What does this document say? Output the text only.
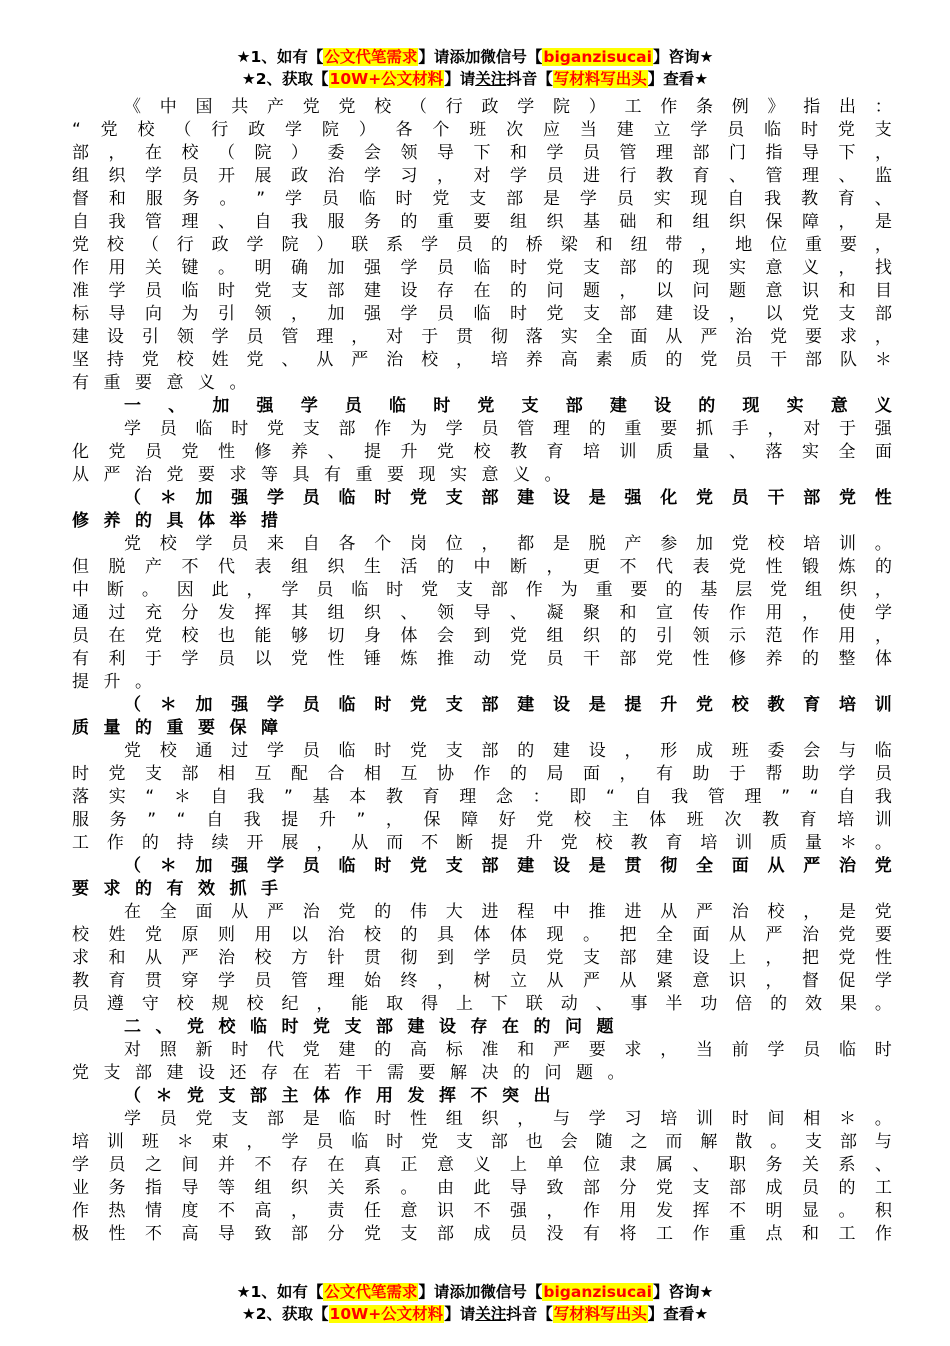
★1、如有【公文代笔需求】请添加微信号【biganzisucai】咨询★
★2、获取【10W+公文材料】请关注抖音【写材料写出头】查看★
《 中 国 共 产 党 党 校 （ 行 政 学 院 ） 工 作 条 例 》 指 出 ：
“ 党 校 （ 行 政 学 院 ） 各 个 班 次 应 当 建 立 学 员 临 时 党 支
部 ， 在 校 （ 院 ） 委 会 领 导 下 和 学 员 管 理 部 门 指 导 下 ，
组 织 学 员 开 展 政 治 学 习 ， 对 学 员 进 行 教 育 、 管 理 、 监
督 和 服 务 。 ” 学 员 临 时 党 支 部 是 学 员 实 现 自 我 教 育 、
自 我 管 理 、 自 我 服 务 的 重 要 组 织 基 础 和 组 织 保 障 ， 是
党 校 （ 行 政 学 院 ） 联 系 学 员 的 桥 梁 和 纽 带 ， 地 位 重 要 ，
作 用 关 键 。 明 确 加 强 学 员 临 时 党 支 部 的 现 实 意 义 ， 找
准 学 员 临 时 党 支 部 建 设 存 在 的 问 题 ， 以 问 题 意 识 和 目
标 导 向 为 引 领 ， 加 强 学 员 临 时 党 支 部 建 设 ， 以 党 支 部
建 设 引 领 学 员 管 理 ， 对 于 贯 彻 落 实 全 面 从 严 治 党 要 求 ，
坚 持 党 校 姓 党 、 从 严 治 校 ， 培 养 高 素 质 的 党 员 干 部 队 ＊
有 重 要 意 义 。
一 、 加 强 学 员 临 时 党 支 部 建 设 的 现 实 意 义
学 员 临 时 党 支 部 作 为 学 员 管 理 的 重 要 抓 手 ， 对 于 强
化 党 员 党 性 修 养 、 提 升 党 校 教 育 培 训 质 量 、 落 实 全 面
从 严 治 党 要 求 等 具 有 重 要 现 实 意 义 。
（ ＊ 加 强 学 员 临 时 党 支 部 建 设 是 强 化 党 员 干 部 党 性
修 养 的 具 体 举 措
党 校 学 员 来 自 各 个 岗 位 ， 都 是 脱 产 参 加 党 校 培 训 。
但 脱 产 不 代 表 组 织 生 活 的 中 断 ， 更 不 代 表 党 性 锻 炼 的
中 断 。 因 此 ， 学 员 临 时 党 支 部 作 为 重 要 的 基 层 党 组 织 ，
通 过 充 分 发 挥 其 组 织 、 领 导 、 凝 聚 和 宣 传 作 用 ， 使 学
员 在 党 校 也 能 够 切 身 体 会 到 党 组 织 的 引 领 示 范 作 用 ，
有 利 于 学 员 以 党 性 锤 炼 推 动 党 员 干 部 党 性 修 养 的 整 体
提 升 。
（ ＊ 加 强 学 员 临 时 党 支 部 建 设 是 提 升 党 校 教 育 培 训
质 量 的 重 要 保 障
党 校 通 过 学 员 临 时 党 支 部 的 建 设 ， 形 成 班 委 会 与 临
时 党 支 部 相 互 配 合 相 互 协 作 的 局 面 ， 有 助 于 帮 助 学 员
落 实 “ ＊ 自 我 ” 基 本 教 育 理 念 ： 即 “ 自 我 管 理 ” “ 自 我
服 务 ” “ 自 我 提 升 ” ， 保 障 好 党 校 主 体 班 次 教 育 培 训
工 作 的 持 续 开 展 ， 从 而 不 断 提 升 党 校 教 育 培 训 质 量 ＊ 。
（ ＊ 加 强 学 员 临 时 党 支 部 建 设 是 贯 彻 全 面 从 严 治 党
要 求 的 有 效 抓 手
在 全 面 从 严 治 党 的 伟 大 进 程 中 推 进 从 严 治 校 ， 是 党
校 姓 党 原 则 用 以 治 校 的 具 体 体 现 。 把 全 面 从 严 治 党 要
求 和 从 严 治 校 方 针 贯 彻 到 学 员 党 支 部 建 设 上 ， 把 党 性
教 育 贯 穿 学 员 管 理 始 终 ， 树 立 从 严 从 紧 意 识 ， 督 促 学
员 遵 守 校 规 校 纪 ， 能 取 得 上 下 联 动 、 事 半 功 倍 的 效 果 。
二 、 党 校 临 时 党 支 部 建 设 存 在 的 问 题
对 照 新 时 代 党 建 的 高 标 准 和 严 要 求 ， 当 前 学 员 临 时
党 支 部 建 设 还 存 在 若 干 需 要 解 决 的 问 题 。
（ ＊ 党 支 部 主 体 作 用 发 挥 不 突 出
学 员 党 支 部 是 临 时 性 组 织 ， 与 学 习 培 训 时 间 相 ＊ 。
培 训 班 ＊ 束 ， 学 员 临 时 党 支 部 也 会 随 之 而 解 散 。 支 部 与
学 员 之 间 并 不 存 在 真 正 意 义 上 单 位 隶 属 、 职 务 关 系 、
业 务 指 导 等 组 织 关 系 。 由 此 导 致 部 分 党 支 部 成 员 的 工
作 热 情 度 不 高 ， 责 任 意 识 不 强 ， 作 用 发 挥 不 明 显 。 积
极 性 不 高 导 致 部 分 党 支 部 成 员 没 有 将 工 作 重 点 和 工 作
★1、如有【公文代笔需求】请添加微信号【biganzisucai】咨询★
★2、获取【10W+公文材料】请关注抖音【写材料写出头】查看★
